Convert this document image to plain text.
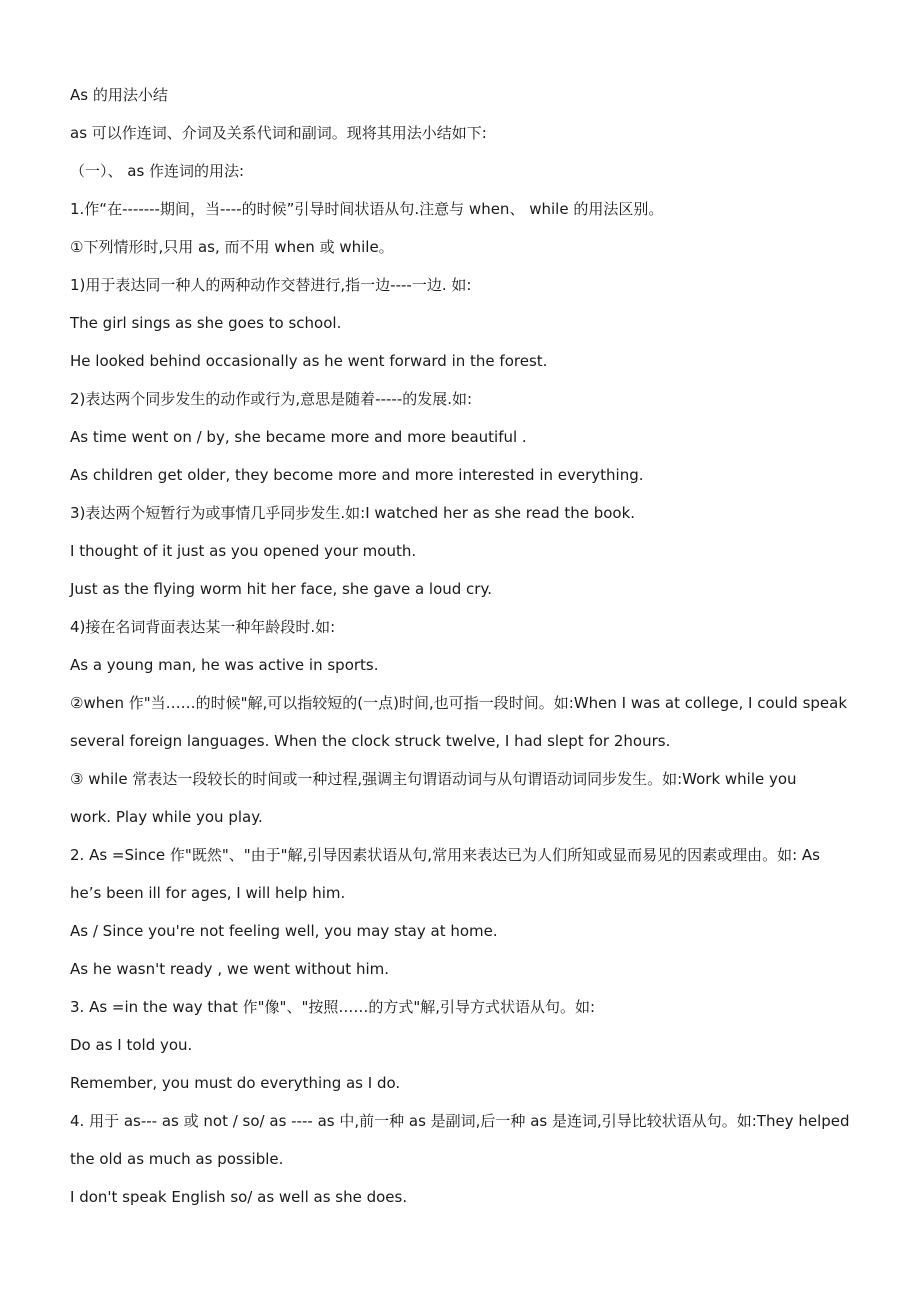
As 的用法小结

as 可以作连词、介词及关系代词和副词。现将其用法小结如下:

（一）、 as 作连词的用法:

1.作“在-------期间，当----的时候”引导时间状语从句.注意与 when、 while 的用法区别。

①下列情形时,只用 as, 而不用 when 或 while。

1)用于表达同一种人的两种动作交替进行,指一边----一边. 如:

The girl sings as she goes to school.

He looked behind occasionally as he went forward in the forest.

2)表达两个同步发生的动作或行为,意思是随着-----的发展.如:

As time went on / by, she became more and more beautiful .

As children get older, they become more and more interested in everything.

3)表达两个短暂行为或事情几乎同步发生.如:I watched her as she read the book.

I thought of it just as you opened your mouth.

Just as the flying worm hit her face, she gave a loud cry.

4)接在名词背面表达某一种年龄段时.如:

As a young man, he was active in sports.

②when 作"当……的时候"解,可以指较短的(一点)时间,也可指一段时间。如:When I was at college, I could speak

several foreign languages. When the clock struck twelve, I had slept for 2hours.

③ while 常表达一段较长的时间或一种过程,强调主句谓语动词与从句谓语动词同步发生。如:Work while you

work. Play while you play.

2. As =Since 作"既然"、"由于"解,引导因素状语从句,常用来表达已为人们所知或显而易见的因素或理由。如: As

he’s been ill for ages, I will help him.

As / Since you're not feeling well, you may stay at home.

As he wasn't ready , we went without him.

3. As =in the way that 作"像"、"按照……的方式"解,引导方式状语从句。如:

Do as I told you.

Remember, you must do everything as I do.

4. 用于 as--- as 或 not / so/ as ---- as 中,前一种 as 是副词,后一种 as 是连词,引导比较状语从句。如:They helped

the old as much as possible.

I don't speak English so/ as well as she does.
